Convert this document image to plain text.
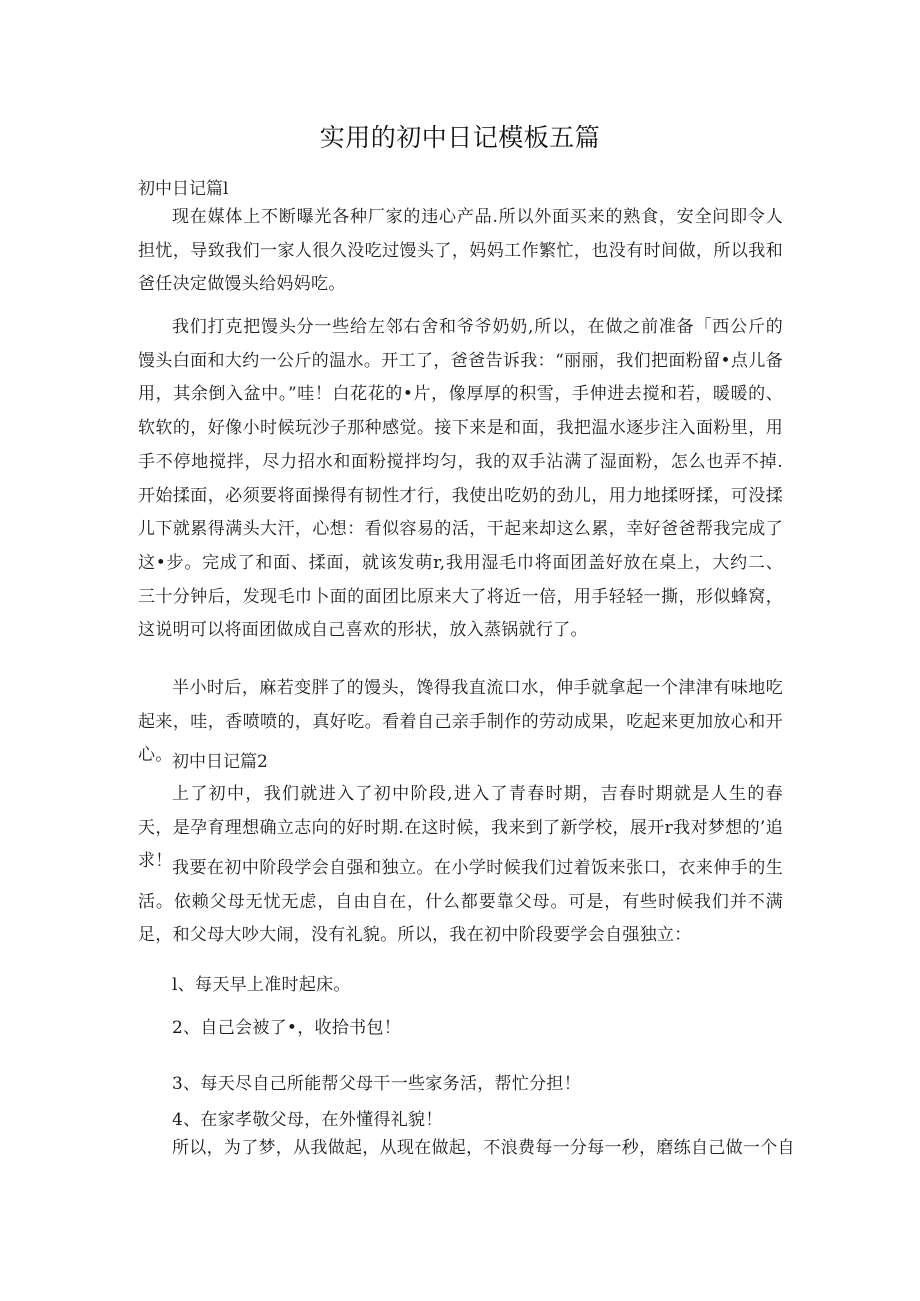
实用的初中日记模板五篇
初中日记篇l

现在媒体上不断曝光各种厂家的违心产品.所以外面买来的熟食，安全问即令人担忧，导致我们一家人很久没吃过馒头了，妈妈工作繁忙，也没有时间做，所以我和爸任决定做馒头给妈妈吃。

我们打克把馒头分一些给左邻右舍和爷爷奶奶,所以，在做之前准备「西公斤的馒头白面和大约一公斤的温水。开工了，爸爸告诉我：“丽丽，我们把面粉留•点儿备用，其余倒入盆中。”哇！白花花的•片，像厚厚的积雪，手伸进去搅和若，暖暖的、软软的，好像小时候玩沙子那种感觉。接下来是和面，我把温水逐步注入面粉里，用手不停地搅拌，尽力招水和面粉搅拌均匀，我的双手沾满了湿面粉，怎么也弄不掉.开始揉面，必须要将面操得有韧性才行，我使出吃奶的劲儿，用力地揉呀揉，可没揉儿下就累得满头大汗，心想：看似容易的活，干起来却这么累，幸好爸爸帮我完成了这•步。完成了和面、揉面，就该发萌r,我用湿毛巾将面团盖好放在桌上，大约二、三十分钟后，发现毛巾卜面的面团比原来大了将近一倍，用手轻轻一撕，形似蜂窝，这说明可以将面团做成自己喜欢的形状，放入蒸锅就行了。

半小时后，麻若变胖了的馒头，馋得我直流口水，伸手就拿起一个津津有味地吃起来，哇，香喷喷的，真好吃。看着自己亲手制作的劳动成果，吃起来更加放心和开心。 初中日记篇2

上了初中，我们就进入了初中阶段,进入了青春时期，吉春时期就是人生的春天，是孕育理想确立志向的好时期.在这时候，我来到了新学校，展开r我对梦想的’追求！ 我要在初中阶段学会自强和独立。在小学时候我们过着饭来张口，衣来伸手的生活。依赖父母无忧无虑，自由自在，什么都要靠父母。可是，有些时候我们并不满足，和父母大吵大闹，没有礼貌。所以，我在初中阶段要学会自强独立：

l、每天早上准时起床。
2、自己会被了•，收拾书包！
3、每天尽自己所能帮父母干一些家务活，帮忙分担！
4、在家孝敬父母，在外懂得礼貌！

所以，为了梦，从我做起，从现在做起，不浪费每一分每一秒，磨练自己做一个自
